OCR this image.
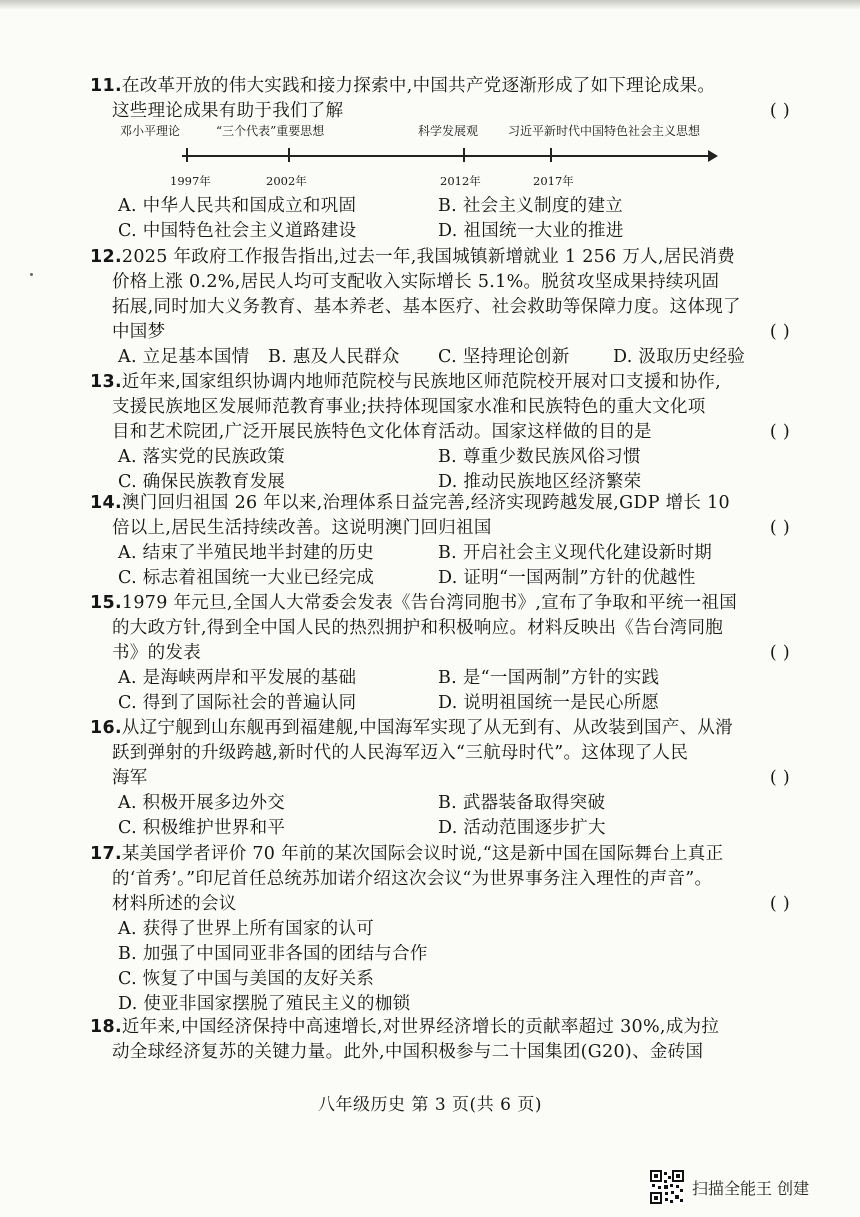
11.在改革开放的伟大实践和接力探索中,中国共产党逐渐形成了如下理论成果。

这些理论成果有助于我们了解	( )

邓小平理论	“三个代表”重要思想	科学发展观 习近平新时代中国特色社会主义思想
1997年	2002年	2012年	2017年
A. 中华人民共和国成立和巩固	B. 社会主义制度的建立
C. 中国特色社会主义道路建设	D. 祖国统一大业的推进

12.2025 年政府工作报告指出,过去一年,我国城镇新增就业 1 256 万人,居民消费

价格上涨 0.2%,居民人均可支配收入实际增长 5.1%。脱贫攻坚成果持续巩固

拓展,同时加大义务教育、基本养老、基本医疗、社会救助等保障力度。这体现了

中国梦	( )

A. 立足基本国情	B. 惠及人民群众	C. 坚持理论创新	D. 汲取历史经验

13.近年来,国家组织协调内地师范院校与民族地区师范院校开展对口支援和协作,

支援民族地区发展师范教育事业;扶持体现国家水准和民族特色的重大文化项

目和艺术院团,广泛开展民族特色文化体育活动。国家这样做的目的是	( )

A. 落实党的民族政策	B. 尊重少数民族风俗习惯
C. 确保民族教育发展	D. 推动民族地区经济繁荣

14.澳门回归祖国 26 年以来,治理体系日益完善,经济实现跨越发展,GDP 增长 10

倍以上,居民生活持续改善。这说明澳门回归祖国	( )

A. 结束了半殖民地半封建的历史	B. 开启社会主义现代化建设新时期
C. 标志着祖国统一大业已经完成	D. 证明“一国两制”方针的优越性

15.1979 年元旦,全国人大常委会发表《告台湾同胞书》,宣布了争取和平统一祖国

的大政方针,得到全中国人民的热烈拥护和积极响应。材料反映出《告台湾同胞

书》的发表	( )

A. 是海峡两岸和平发展的基础	B. 是“一国两制”方针的实践
C. 得到了国际社会的普遍认同	D. 说明祖国统一是民心所愿

16.从辽宁舰到山东舰再到福建舰,中国海军实现了从无到有、从改装到国产、从滑

跃到弹射的升级跨越,新时代的人民海军迈入“三航母时代”。这体现了人民

海军	( )

A. 积极开展多边外交	B. 武器装备取得突破
C. 积极维护世界和平	D. 活动范围逐步扩大

17.某美国学者评价 70 年前的某次国际会议时说,“这是新中国在国际舞台上真正

的‘首秀’。”印尼首任总统苏加诺介绍这次会议“为世界事务注入理性的声音”。

材料所述的会议	( )

A. 获得了世界上所有国家的认可
B. 加强了中国同亚非各国的团结与合作
C. 恢复了中国与美国的友好关系
D. 使亚非国家摆脱了殖民主义的枷锁

18.近年来,中国经济保持中高速增长,对世界经济增长的贡献率超过 30%,成为拉

动全球经济复苏的关键力量。此外,中国积极参与二十国集团(G20)、金砖国

八年级历史 第 3 页(共 6 页)
扫描全能王 创建
